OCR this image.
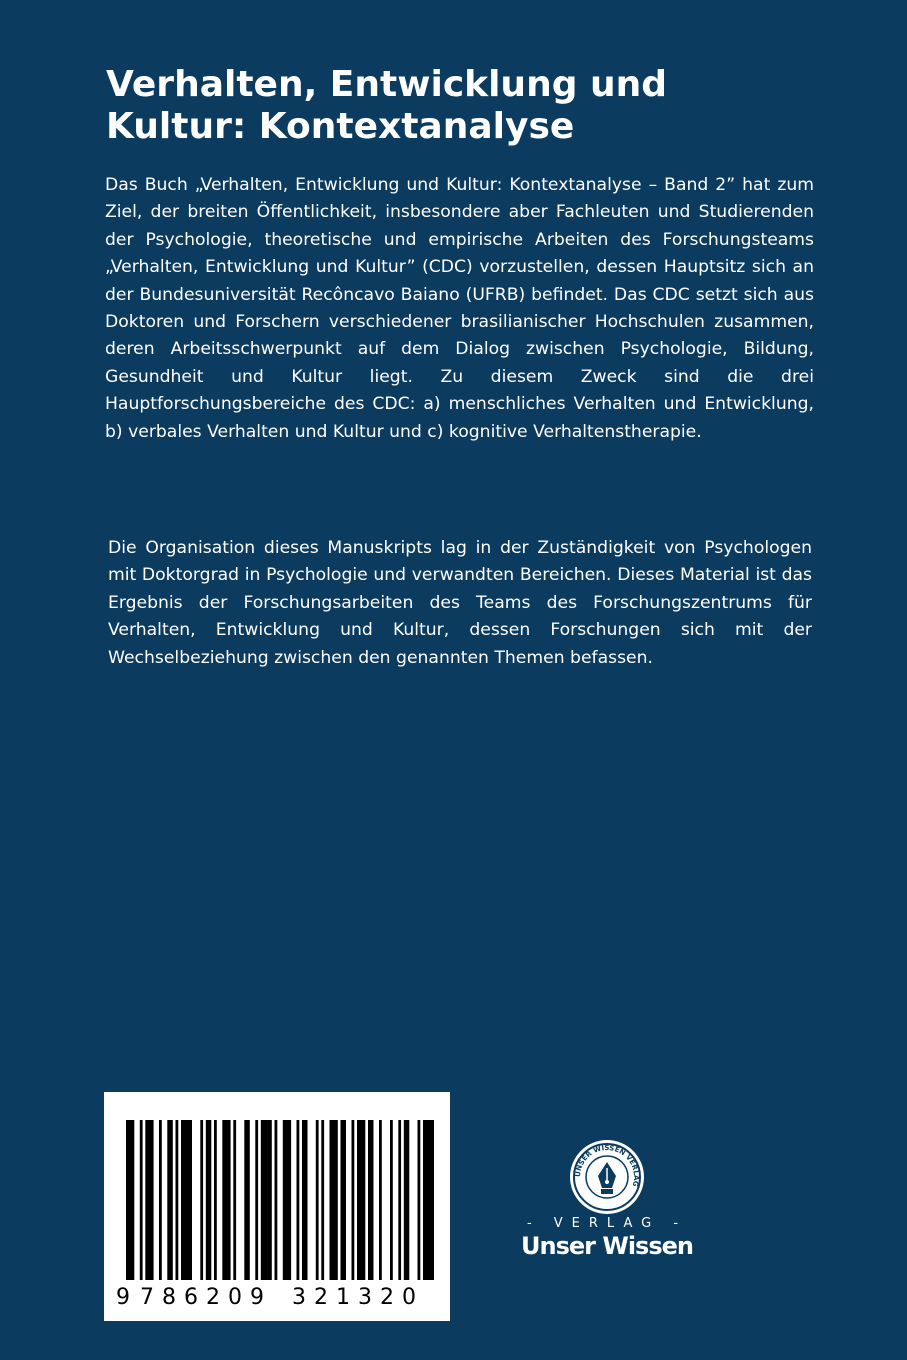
Verhalten, Entwicklung und
Kultur: Kontextanalyse

Das Buch „Verhalten, Entwicklung und Kultur: Kontextanalyse – Band 2” hat zum Ziel, der breiten Öffentlichkeit, insbesondere aber Fachleuten und Studierenden der Psychologie, theoretische und empirische Arbeiten des Forschungsteams „Verhalten, Entwicklung und Kultur” (CDC) vorzustellen, dessen Hauptsitz sich an der Bundesuniversität Recôncavo Baiano (UFRB) befindet. Das CDC setzt sich aus Doktoren und Forschern verschiedener brasilianischer Hochschulen zusammen, deren Arbeitsschwerpunkt auf dem Dialog zwischen Psychologie, Bildung, Gesundheit und Kultur liegt. Zu diesem Zweck sind die drei Hauptforschungsbereiche des CDC: a) menschliches Verhalten und Entwicklung, b) verbales Verhalten und Kultur und c) kognitive Verhaltenstherapie.

Die Organisation dieses Manuskripts lag in der Zuständigkeit von Psychologen mit Doktorgrad in Psychologie und verwandten Bereichen. Dieses Material ist das Ergebnis der Forschungsarbeiten des Teams des Forschungszentrums für Verhalten, Entwicklung und Kultur, dessen Forschungen sich mit der Wechselbeziehung zwischen den genannten Themen befassen.

9 786209 321320
UNSER WISSEN VERLAG
- VERLAG -
Unser Wissen
